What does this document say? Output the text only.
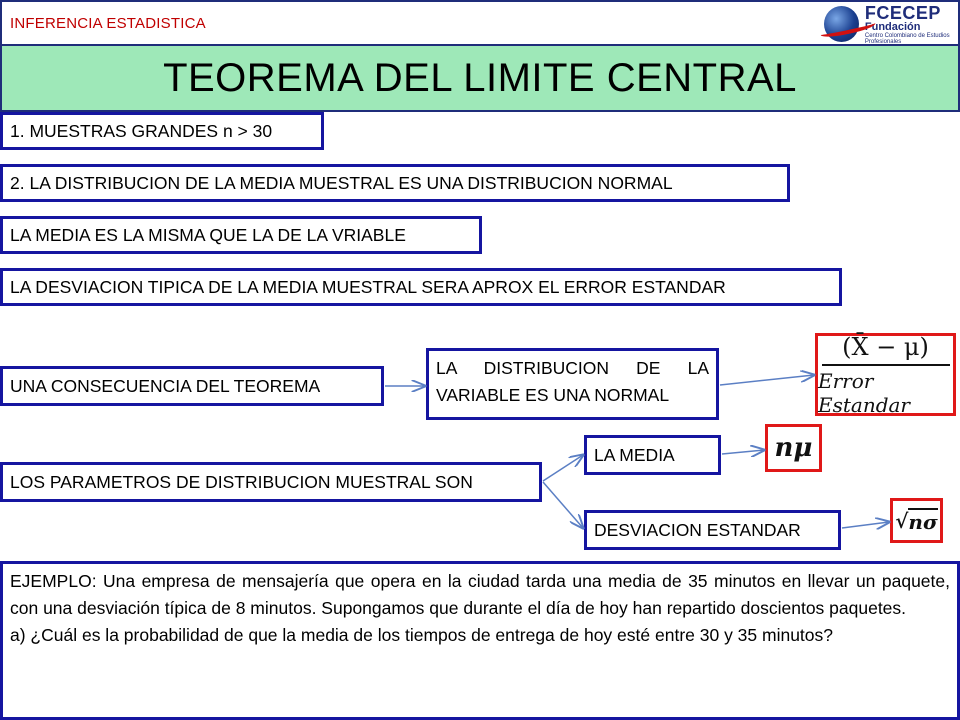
INFERENCIA ESTADISTICA
FCECEP
Fundación
Centro Colombiano de Estudios Profesionales
TEOREMA DEL LIMITE CENTRAL
1. MUESTRAS GRANDES n > 30
2. LA DISTRIBUCION DE LA MEDIA MUESTRAL ES UNA DISTRIBUCION NORMAL
LA MEDIA ES LA MISMA QUE LA DE LA VRIABLE
LA DESVIACION TIPICA DE LA MEDIA MUESTRAL SERA APROX EL ERROR ESTANDAR
UNA CONSECUENCIA DEL TEOREMA
LA DISTRIBUCION DE LA VARIABLE ES UNA NORMAL
(X̄ − μ)
Error Estandar
LOS PARAMETROS DE DISTRIBUCION MUESTRAL SON
LA MEDIA
DESVIACION ESTANDAR
nμ
√ nσ
EJEMPLO: Una empresa de mensajería que opera en la ciudad tarda una media de 35 minutos en llevar un paquete, con una desviación típica de 8 minutos. Supongamos que durante el día de hoy han repartido doscientos paquetes.
a) ¿Cuál es la probabilidad de que la media de los tiempos de entrega de hoy esté entre 30 y 35 minutos?
